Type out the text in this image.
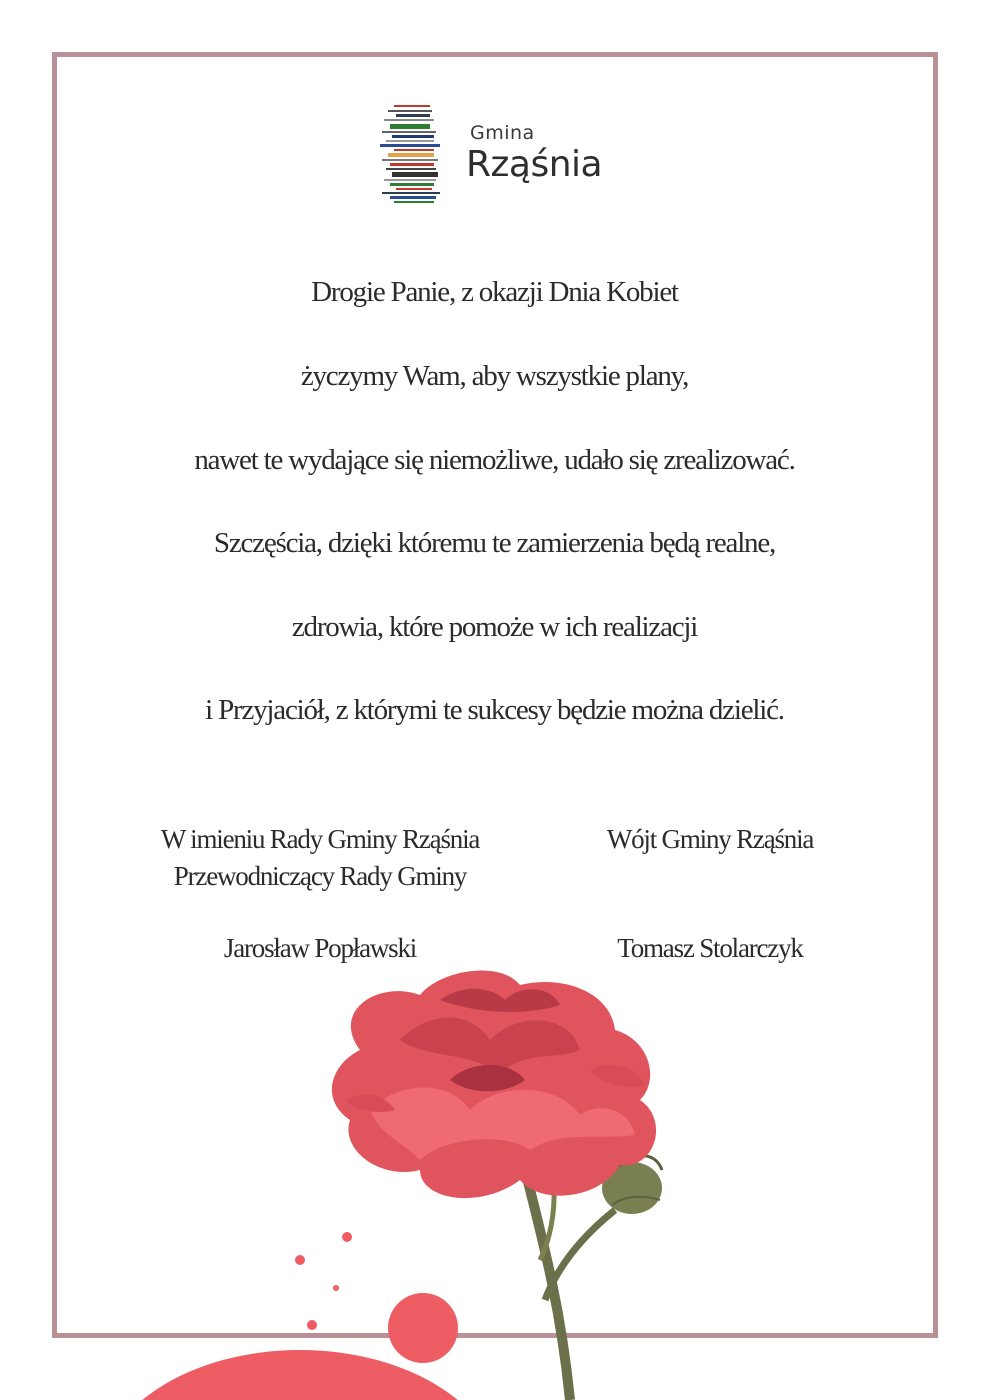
Gmina
Rząśnia
Drogie Panie, z okazji Dnia Kobiet
życzymy Wam, aby wszystkie plany,
nawet te wydające się niemożliwe, udało się zrealizować.
Szczęścia, dzięki któremu te zamierzenia będą realne,
zdrowia, które pomoże w ich realizacji
i Przyjaciół, z którymi te sukcesy będzie można dzielić.
W imieniu Rady Gminy Rząśnia
Przewodniczący Rady Gminy
Jarosław Popławski
Wójt Gminy Rząśnia
Tomasz Stolarczyk
